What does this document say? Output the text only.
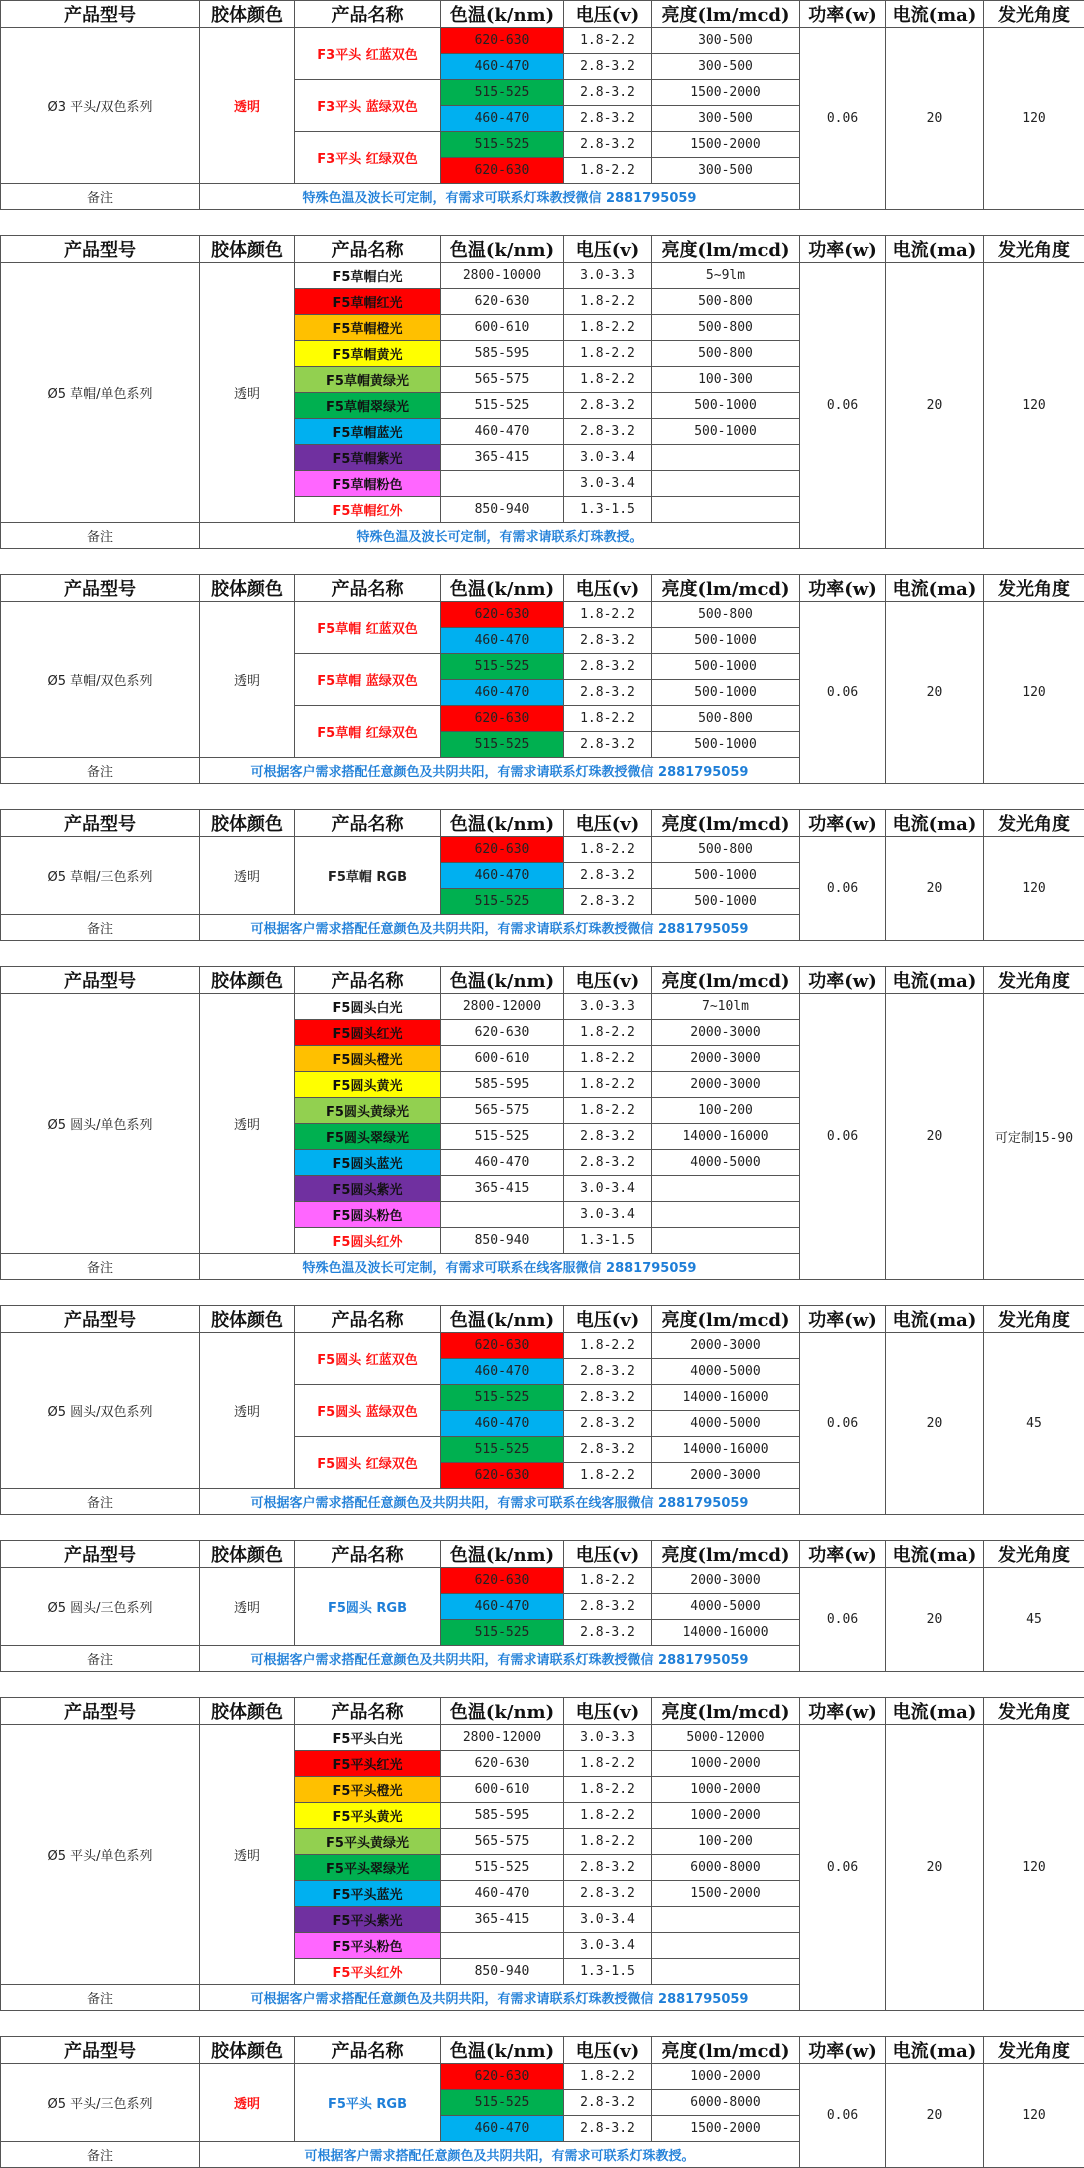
产品型号	胶体颜色	产品名称	色温(k/nm)	电压(v)	亮度(lm/mcd)	功率(w)	电流(ma)	发光角度
Ø3 平头/双色系列	透明	F3平头 红蓝双色	620-630	1.8-2.2	300-500	0.06	20	120
			460-470	2.8-3.2	300-500			
		F3平头 蓝绿双色	515-525	2.8-3.2	1500-2000			
			460-470	2.8-3.2	300-500			
		F3平头 红绿双色	515-525	2.8-3.2	1500-2000			
			620-630	1.8-2.2	300-500			
备注	特殊色温及波长可定制，有需求可联系灯珠教授微信 2881795059							
产品型号	胶体颜色	产品名称	色温(k/nm)	电压(v)	亮度(lm/mcd)	功率(w)	电流(ma)	发光角度
Ø5 草帽/单色系列	透明	F5草帽白光	2800-10000	3.0-3.3	5~9lm	0.06	20	120
		F5草帽红光	620-630	1.8-2.2	500-800			
		F5草帽橙光	600-610	1.8-2.2	500-800			
		F5草帽黄光	585-595	1.8-2.2	500-800			
		F5草帽黄绿光	565-575	1.8-2.2	100-300			
		F5草帽翠绿光	515-525	2.8-3.2	500-1000			
		F5草帽蓝光	460-470	2.8-3.2	500-1000			
		F5草帽紫光	365-415	3.0-3.4				
		F5草帽粉色		3.0-3.4				
		F5草帽红外	850-940	1.3-1.5				
备注	特殊色温及波长可定制，有需求请联系灯珠教授。							
产品型号	胶体颜色	产品名称	色温(k/nm)	电压(v)	亮度(lm/mcd)	功率(w)	电流(ma)	发光角度
Ø5 草帽/双色系列	透明	F5草帽 红蓝双色	620-630	1.8-2.2	500-800	0.06	20	120
			460-470	2.8-3.2	500-1000			
		F5草帽 蓝绿双色	515-525	2.8-3.2	500-1000			
			460-470	2.8-3.2	500-1000			
		F5草帽 红绿双色	620-630	1.8-2.2	500-800			
			515-525	2.8-3.2	500-1000			
备注	可根据客户需求搭配任意颜色及共阴共阳，有需求请联系灯珠教授微信 2881795059							
产品型号	胶体颜色	产品名称	色温(k/nm)	电压(v)	亮度(lm/mcd)	功率(w)	电流(ma)	发光角度
Ø5 草帽/三色系列	透明	F5草帽 RGB	620-630	1.8-2.2	500-800	0.06	20	120
			460-470	2.8-3.2	500-1000			
			515-525	2.8-3.2	500-1000			
备注	可根据客户需求搭配任意颜色及共阴共阳，有需求请联系灯珠教授微信 2881795059							
产品型号	胶体颜色	产品名称	色温(k/nm)	电压(v)	亮度(lm/mcd)	功率(w)	电流(ma)	发光角度
Ø5 圆头/单色系列	透明	F5圆头白光	2800-12000	3.0-3.3	7~10lm	0.06	20	可定制15-90
		F5圆头红光	620-630	1.8-2.2	2000-3000			
		F5圆头橙光	600-610	1.8-2.2	2000-3000			
		F5圆头黄光	585-595	1.8-2.2	2000-3000			
		F5圆头黄绿光	565-575	1.8-2.2	100-200			
		F5圆头翠绿光	515-525	2.8-3.2	14000-16000			
		F5圆头蓝光	460-470	2.8-3.2	4000-5000			
		F5圆头紫光	365-415	3.0-3.4				
		F5圆头粉色		3.0-3.4				
		F5圆头红外	850-940	1.3-1.5				
备注	特殊色温及波长可定制，有需求可联系在线客服微信 2881795059							
产品型号	胶体颜色	产品名称	色温(k/nm)	电压(v)	亮度(lm/mcd)	功率(w)	电流(ma)	发光角度
Ø5 圆头/双色系列	透明	F5圆头 红蓝双色	620-630	1.8-2.2	2000-3000	0.06	20	45
			460-470	2.8-3.2	4000-5000			
		F5圆头 蓝绿双色	515-525	2.8-3.2	14000-16000			
			460-470	2.8-3.2	4000-5000			
		F5圆头 红绿双色	515-525	2.8-3.2	14000-16000			
			620-630	1.8-2.2	2000-3000			
备注	可根据客户需求搭配任意颜色及共阴共阳，有需求可联系在线客服微信 2881795059							
产品型号	胶体颜色	产品名称	色温(k/nm)	电压(v)	亮度(lm/mcd)	功率(w)	电流(ma)	发光角度
Ø5 圆头/三色系列	透明	F5圆头 RGB	620-630	1.8-2.2	2000-3000	0.06	20	45
			460-470	2.8-3.2	4000-5000			
			515-525	2.8-3.2	14000-16000			
备注	可根据客户需求搭配任意颜色及共阴共阳，有需求请联系灯珠教授微信 2881795059							
产品型号	胶体颜色	产品名称	色温(k/nm)	电压(v)	亮度(lm/mcd)	功率(w)	电流(ma)	发光角度
Ø5 平头/单色系列	透明	F5平头白光	2800-12000	3.0-3.3	5000-12000	0.06	20	120
		F5平头红光	620-630	1.8-2.2	1000-2000			
		F5平头橙光	600-610	1.8-2.2	1000-2000			
		F5平头黄光	585-595	1.8-2.2	1000-2000			
		F5平头黄绿光	565-575	1.8-2.2	100-200			
		F5平头翠绿光	515-525	2.8-3.2	6000-8000			
		F5平头蓝光	460-470	2.8-3.2	1500-2000			
		F5平头紫光	365-415	3.0-3.4				
		F5平头粉色		3.0-3.4				
		F5平头红外	850-940	1.3-1.5				
备注	可根据客户需求搭配任意颜色及共阴共阳，有需求请联系灯珠教授微信 2881795059							
产品型号	胶体颜色	产品名称	色温(k/nm)	电压(v)	亮度(lm/mcd)	功率(w)	电流(ma)	发光角度
Ø5 平头/三色系列	透明	F5平头 RGB	620-630	1.8-2.2	1000-2000	0.06	20	120
			515-525	2.8-3.2	6000-8000			
			460-470	2.8-3.2	1500-2000			
备注	可根据客户需求搭配任意颜色及共阴共阳，有需求可联系灯珠教授。							
